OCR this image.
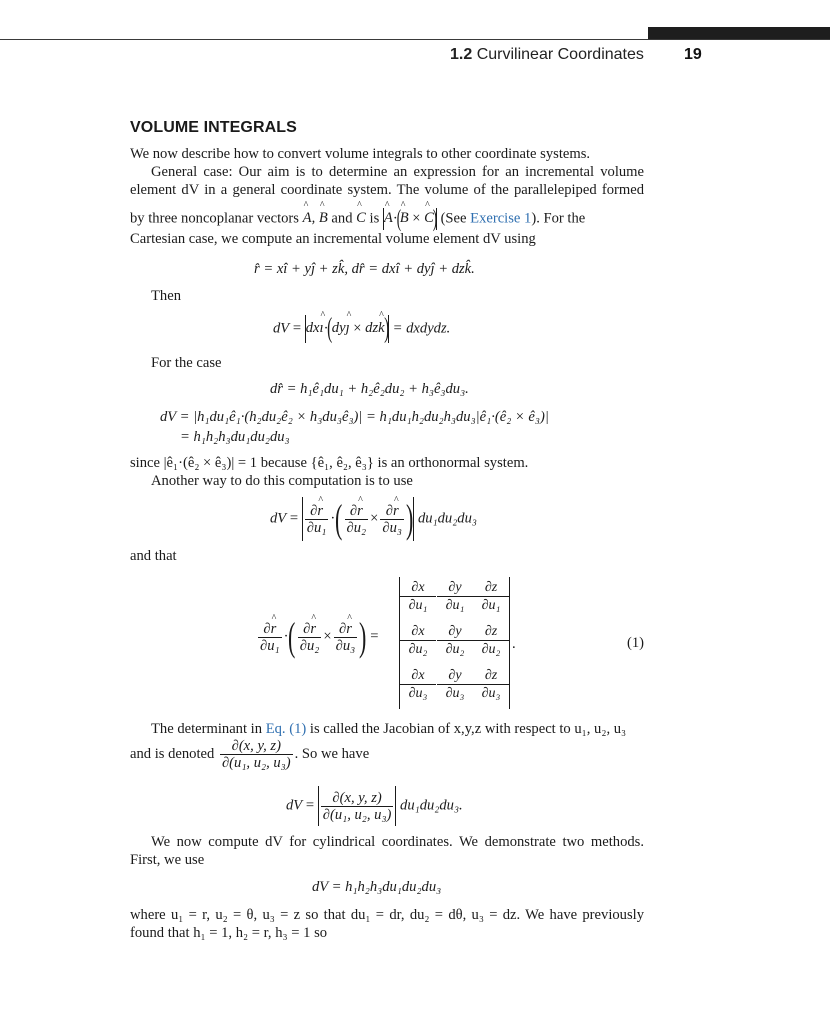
1.2 Curvilinear Coordinates	19
VOLUME INTEGRALS
We now describe how to convert volume integrals to other coordinate systems.
General case: Our aim is to determine an expression for an incremental volume
element dV in a general coordinate system. The volume of the parallelepiped formed
by three noncoplanar vectors A ^, B ^ and C ^ is A ^·(B ^ × C ^) (See Exercise 1). For the
Cartesian case, we compute an incremental volume element dV using
r̂ = xî + yĵ + zk̂, dr̂ = dxî + dyĵ + dzk̂.
Then
dV = dxı ^·(dyȷ ^ × dzk ^) = dxdydz.
For the case
dr̂ = h₁ê₁du₁ + h₂ê₂du₂ + h₃ê₃du₃.
dV = |h₁du₁ê₁·(h₂du₂ê₂ × h₃du₃ê₃)| = h₁du₁h₂du₂h₃du₃|ê₁·(ê₂ × ê₃)|
= h₁h₂h₃du₁du₂du₃
since |ê₁·(ê₂ × ê₃)| = 1 because {ê₁, ê₂, ê₃} is an orthonormal system.
Another way to do this computation is to use
dV = $\frac{\partial r \^{}}{\text{∂u₁}}$ ·( $\frac{\partial r \^{}}{\text{∂u₂}} \times \frac{\partial r \^{}}{\text{∂u₃}}$ ) du₁du₂du₃
and that
$\frac{\partial r \^{}}{\text{∂u₁}}$ ·( $\frac{\partial r \^{}}{\text{∂u₂}} \times \frac{\partial r \^{}}{\text{∂u₃}}$ ) =
∂x
∂u₁
∂y
∂u₁
∂z
∂u₁
∂x
∂u₂
∂y
∂u₂
∂z
∂u₂
∂x
∂u₃
∂y
∂u₃
∂z
∂u₃
.	(1)
The determinant in Eq. (1) is called the Jacobian of x,y,z with respect to u₁, u₂, u₃
and is denoted $\frac{\partial(x, y, z)}{\text{∂(u₁, u₂, u₃)}}$ . So we have
dV = $\frac{\partial(x, y, z)}{\text{∂(u₁, u₂, u₃)}} du_1du_2du_3$.
We now compute dV for cylindrical coordinates. We demonstrate two methods.
First, we use
dV = h₁h₂h₃du₁du₂du₃
where u₁ = r, u₂ = θ, u₃ = z so that du₁ = dr, du₂ = dθ, u₃ = dz. We have previously
found that h₁ = 1, h₂ = r, h₃ = 1 so
